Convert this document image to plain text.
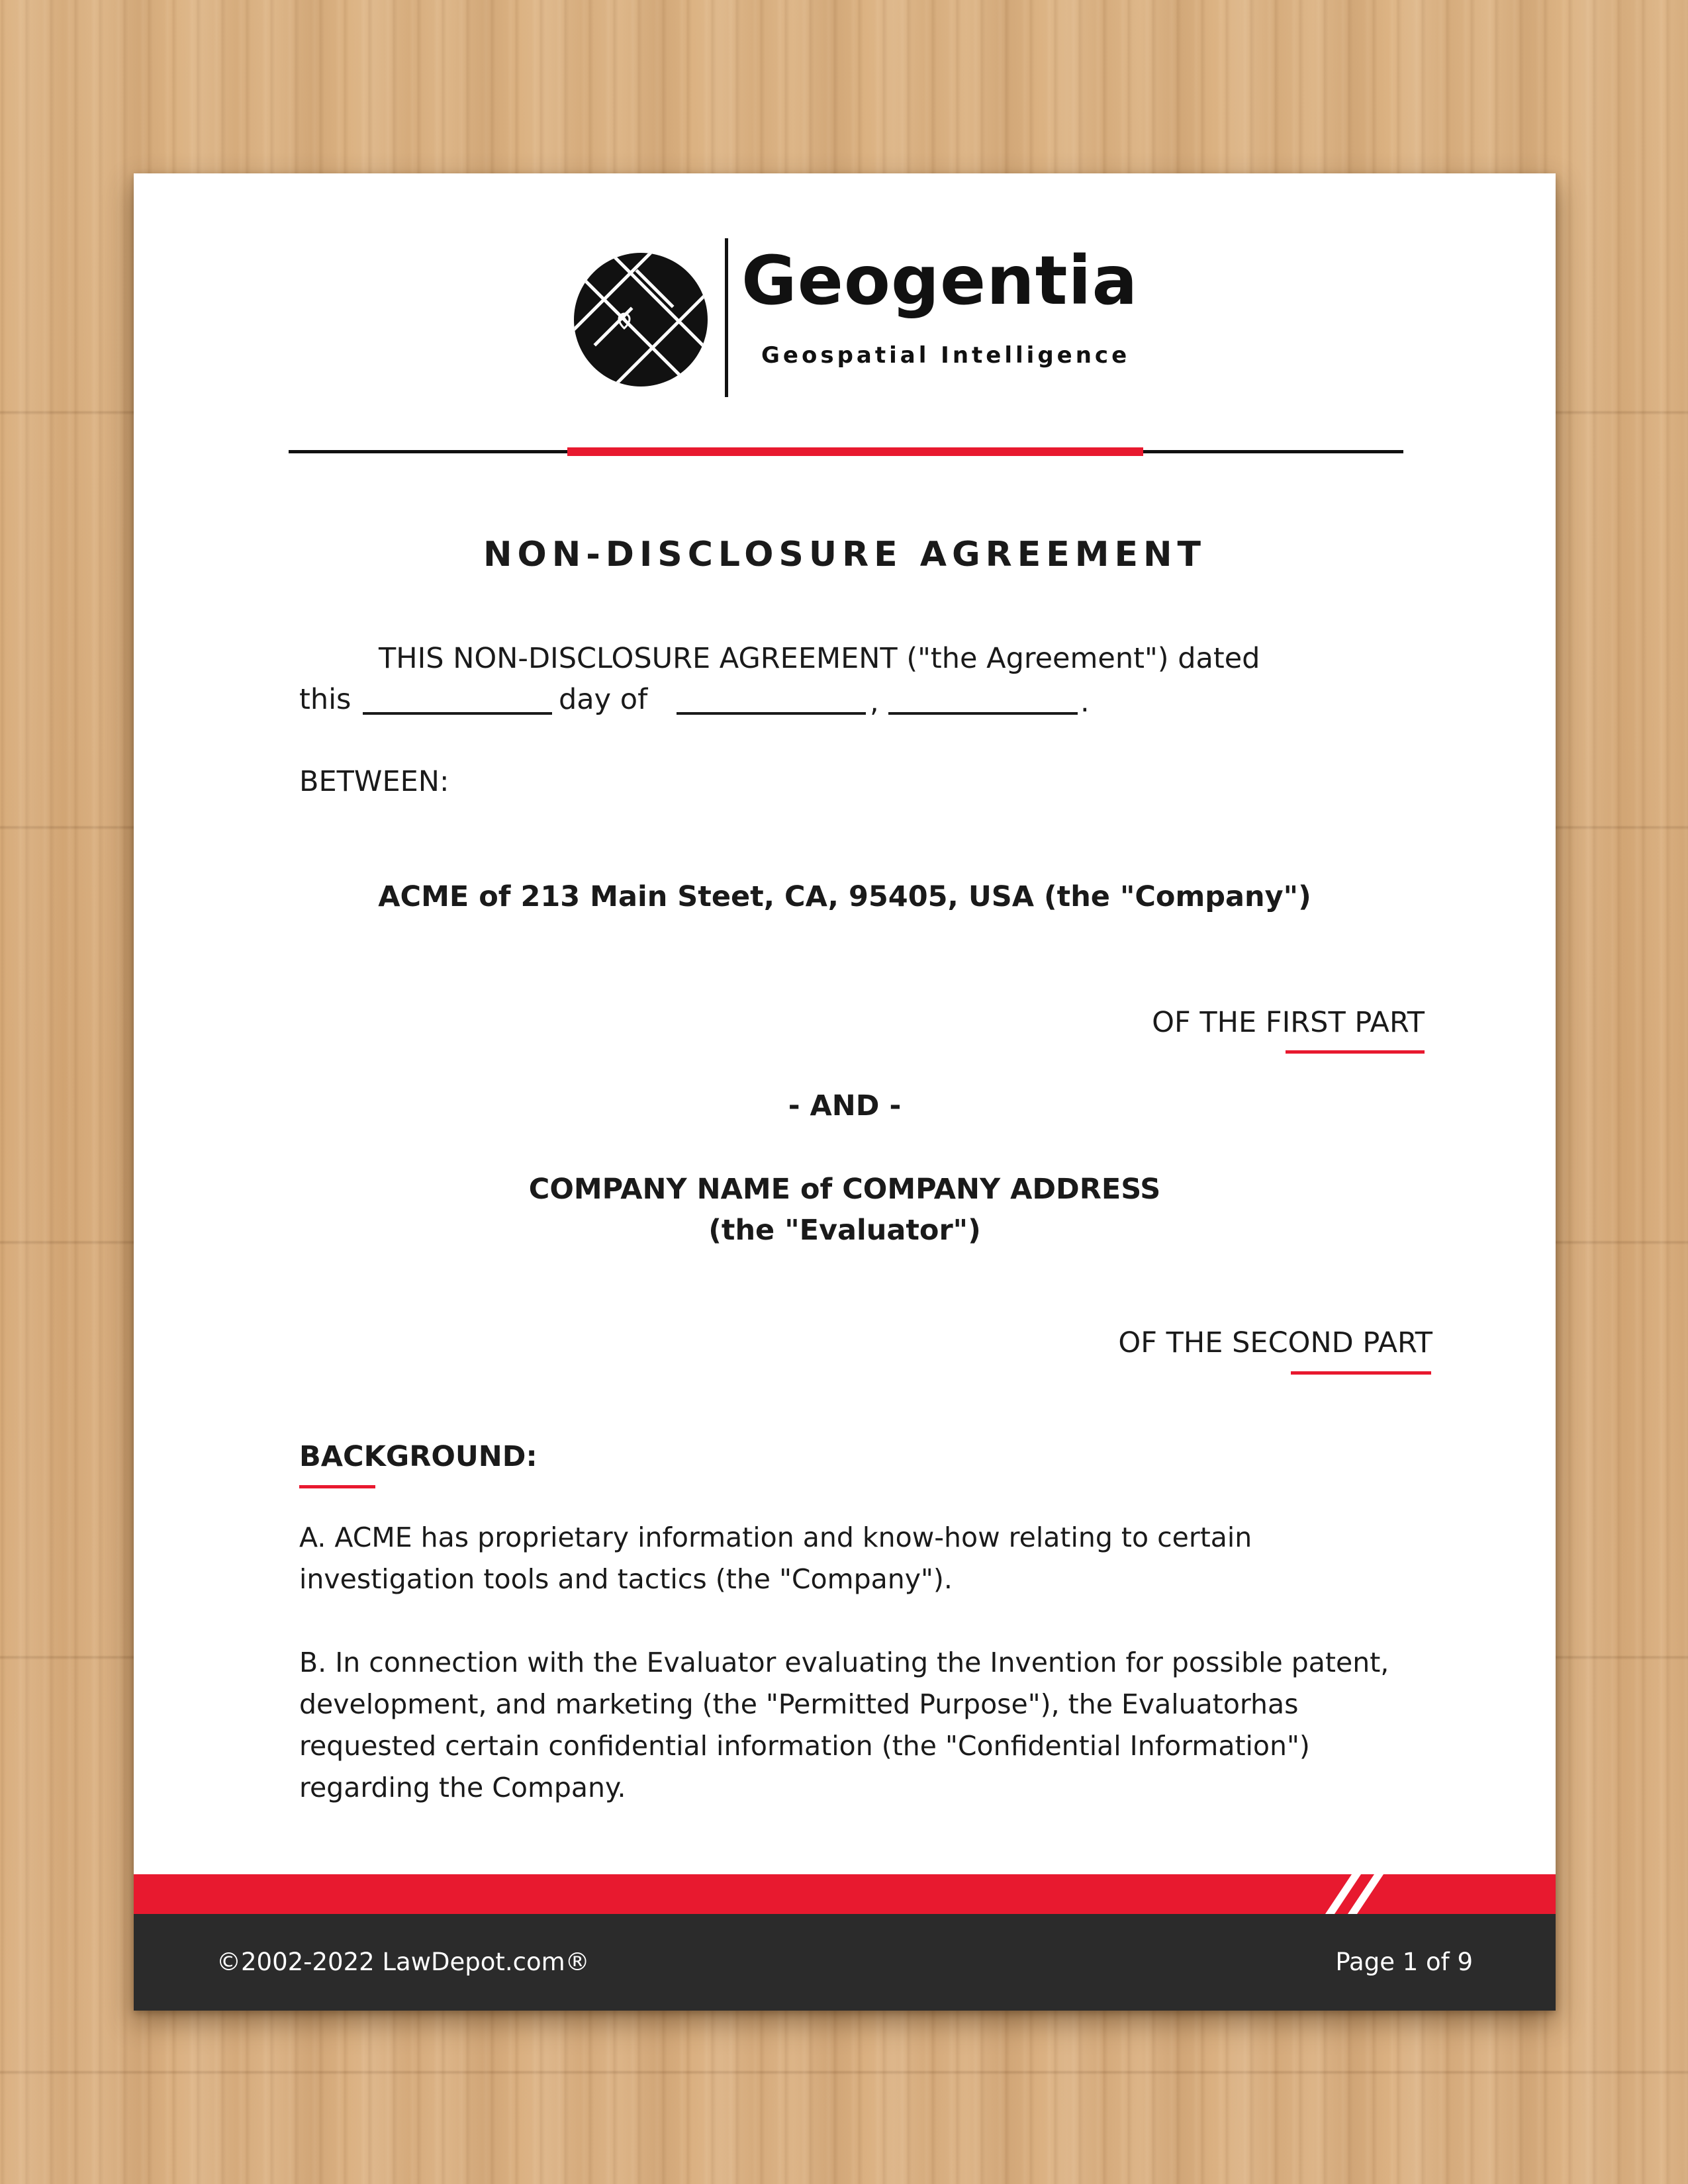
Geogentia
Geospatial Intelligence
NON-DISCLOSURE AGREEMENT
THIS NON-DISCLOSURE AGREEMENT ("the Agreement") dated
this	day of	,	.
BETWEEN:
ACME of 213 Main Steet, CA, 95405, USA (the "Company")
OF THE FIRST PART
- AND -
COMPANY NAME of COMPANY ADDRESS
(the "Evaluator")
OF THE SECOND PART
BACKGROUND:
A. ACME has proprietary information and know-how relating to certain
investigation tools and tactics (the "Company").
B. In connection with the Evaluator evaluating the Invention for possible patent,
development, and marketing (the "Permitted Purpose"), the Evaluatorhas
requested certain confidential information (the "Confidential Information")
regarding the Company.
©2002-2022 LawDepot.com®	Page 1 of 9
